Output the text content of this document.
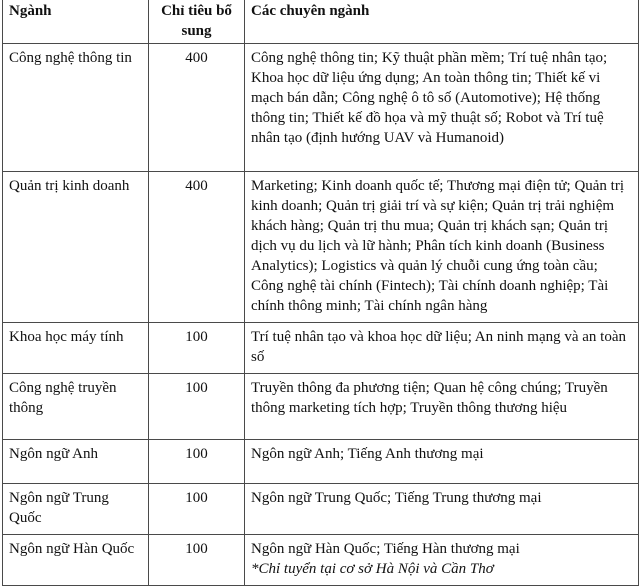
Ngành	Chỉ tiêu bổ sung	Các chuyên ngành
Công nghệ thông tin	400	Công nghệ thông tin; Kỹ thuật phần mềm; Trí tuệ nhân tạo; Khoa học dữ liệu ứng dụng; An toàn thông tin; Thiết kế vi mạch bán dẫn; Công nghệ ô tô số (Automotive); Hệ thống thông tin; Thiết kế đồ họa và mỹ thuật số; Robot và Trí tuệ nhân tạo (định hướng UAV và Humanoid)
Quản trị kinh doanh	400	Marketing; Kinh doanh quốc tế; Thương mại điện tử; Quản trị kinh doanh; Quản trị giải trí và sự kiện; Quản trị trải nghiệm khách hàng; Quản trị thu mua; Quản trị khách sạn; Quản trị dịch vụ du lịch và lữ hành; Phân tích kinh doanh (Business Analytics); Logistics và quản lý chuỗi cung ứng toàn cầu; Công nghệ tài chính (Fintech); Tài chính doanh nghiệp; Tài chính thông minh; Tài chính ngân hàng
Khoa học máy tính	100	Trí tuệ nhân tạo và khoa học dữ liệu; An ninh mạng và an toàn số
Công nghệ truyền thông	100	Truyền thông đa phương tiện; Quan hệ công chúng; Truyền thông marketing tích hợp; Truyền thông thương hiệu
Ngôn ngữ Anh	100	Ngôn ngữ Anh; Tiếng Anh thương mại
Ngôn ngữ Trung Quốc	100	Ngôn ngữ Trung Quốc; Tiếng Trung thương mại
Ngôn ngữ Hàn Quốc	100	Ngôn ngữ Hàn Quốc; Tiếng Hàn thương mại
*Chỉ tuyển tại cơ sở Hà Nội và Cần Thơ
